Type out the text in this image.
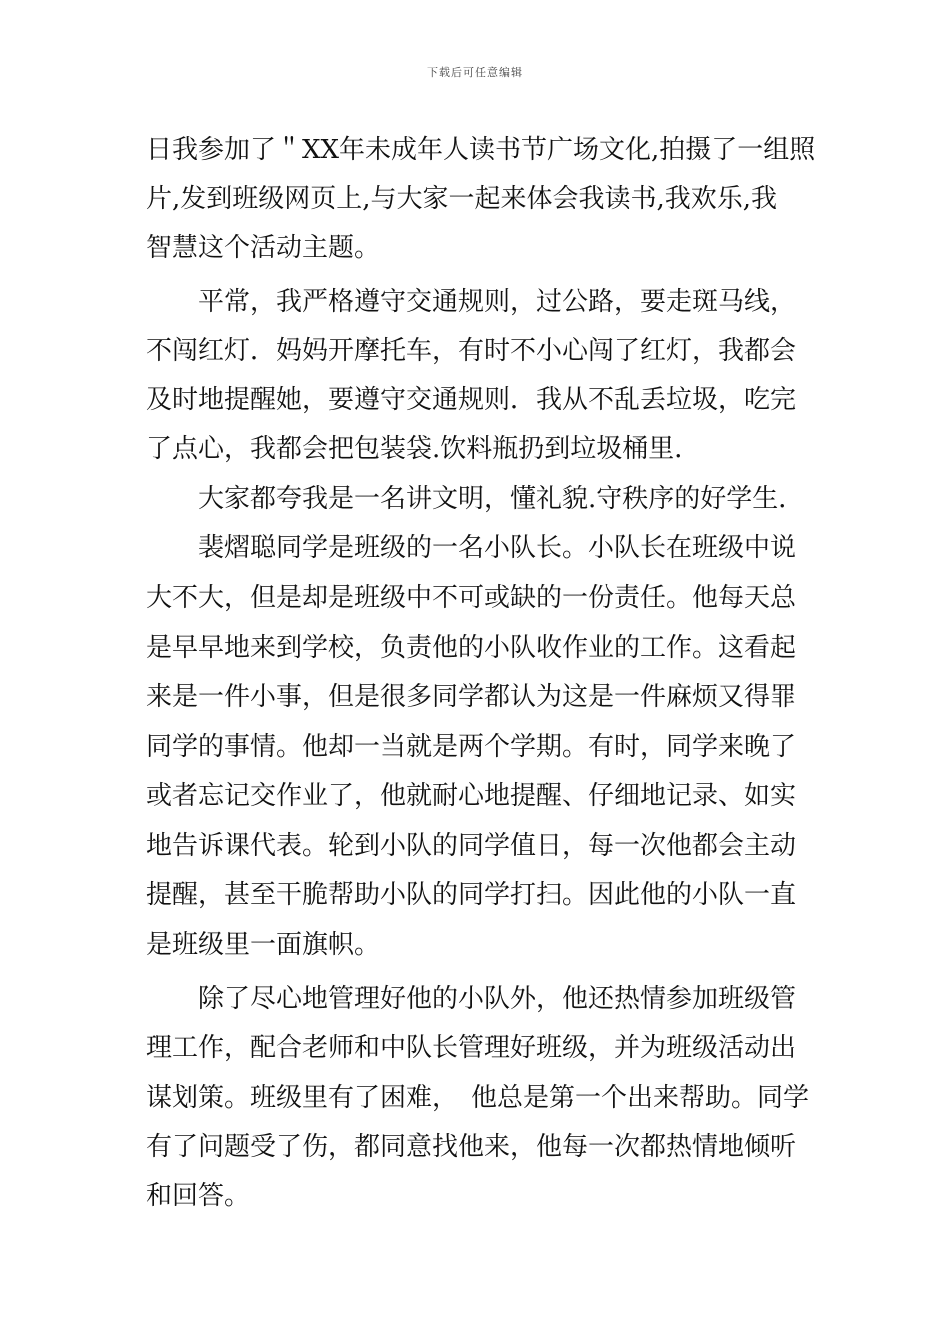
下载后可任意编辑
日我参加了＂XX年未成年人读书节广场文化,拍摄了一组照
片,发到班级网页上,与大家一起来体会我读书,我欢乐,我
智慧这个活动主题。
平常，我严格遵守交通规则，过公路，要走斑马线，
不闯红灯．妈妈开摩托车，有时不小心闯了红灯，我都会
及时地提醒她，要遵守交通规则．我从不乱丢垃圾，吃完
了点心，我都会把包装袋.饮料瓶扔到垃圾桶里．
大家都夸我是一名讲文明，懂礼貌.守秩序的好学生．
裴熠聪同学是班级的一名小队长。小队长在班级中说
大不大，但是却是班级中不可或缺的一份责任。他每天总
是早早地来到学校，负责他的小队收作业的工作。这看起
来是一件小事，但是很多同学都认为这是一件麻烦又得罪
同学的事情。他却一当就是两个学期。有时，同学来晚了
或者忘记交作业了，他就耐心地提醒、仔细地记录、如实
地告诉课代表。轮到小队的同学值日，每一次他都会主动
提醒，甚至干脆帮助小队的同学打扫。因此他的小队一直
是班级里一面旗帜。
除了尽心地管理好他的小队外，他还热情参加班级管
理工作，配合老师和中队长管理好班级，并为班级活动出
谋划策。班级里有了困难，　他总是第一个出来帮助。同学
有了问题受了伤，都同意找他来，他每一次都热情地倾听
和回答。
